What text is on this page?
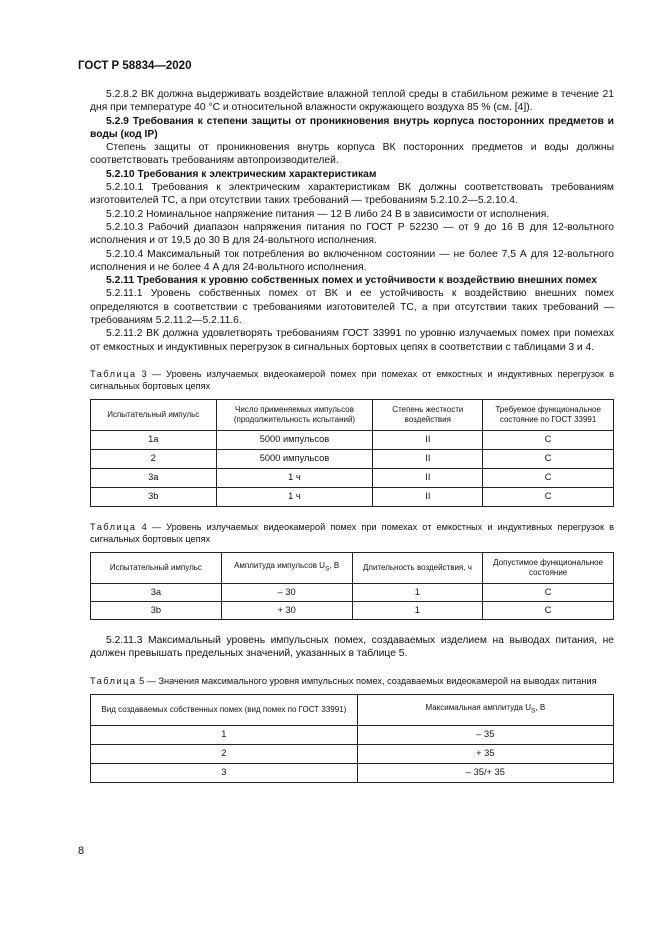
ГОСТ Р 58834—2020

5.2.8.2 ВК должна выдерживать воздействие влажной теплой среды в стабильном режиме в течение 21 дня при температуре 40 °С и относительной влажности окружающего воздуха 85 % (см. [4]).

5.2.9 Требования к степени защиты от проникновения внутрь корпуса посторонних предметов и воды (код IP)

Степень защиты от проникновения внутрь корпуса ВК посторонних предметов и воды должны соответствовать требованиям автопроизводителей.

5.2.10 Требования к электрическим характеристикам

5.2.10.1 Требования к электрическим характеристикам ВК должны соответствовать требованиям изготовителей ТС, а при отсутствии таких требований — требованиям 5.2.10.2—5.2.10.4.

5.2.10.2 Номинальное напряжение питания — 12 В либо 24 В в зависимости от исполнения.

5.2.10.3 Рабочий диапазон напряжения питания по ГОСТ Р 52230 — от 9 до 16 В для 12-вольтного исполнения и от 19,5 до 30 В для 24-вольтного исполнения.

5.2.10.4 Максимальный ток потребления во включенном состоянии — не более 7,5 А для 12-вольтного исполнения и не более 4 А для 24-вольтного исполнения.

5.2.11 Требования к уровню собственных помех и устойчивости к воздействию внешних помех

5.2.11.1 Уровень собственных помех от ВК и ее устойчивость к воздействию внешних помех определяются в соответствии с требованиями изготовителей ТС, а при отсутствии таких требований — требованиям 5.2.11.2—5.2.11.6.

5.2.11.2 ВК должна удовлетворять требованиям ГОСТ 33991 по уровню излучаемых помех при помехах от емкостных и индуктивных перегрузок в сигнальных бортовых цепях в соответствии с таблицами 3 и 4.

Таблица 3 — Уровень излучаемых видеокамерой помех при помехах от емкостных и индуктивных перегрузок в сигнальных бортовых цепях
Испытательный импульс	Число применяемых импульсов (продолжительность испытаний)	Степень жесткости воздействия	Требуемое функциональное состояние по ГОСТ 33991
1а	5000 импульсов	II	С
2	5000 импульсов	II	С
3а	1 ч	II	С
3b	1 ч	II	С
Таблица 4 — Уровень излучаемых видеокамерой помех при помехах от емкостных и индуктивных перегрузок в сигнальных бортовых цепях
Испытательный импульс	Амплитуда импульсов $U_S$, В	Длительность воздействия, ч	Допустимое функциональное состояние
3а	– 30	1	С
3b	+ 30	1	С

5.2.11.3 Максимальный уровень импульсных помех, создаваемых изделием на выводах питания, не должен превышать предельных значений, указанных в таблице 5.

Таблица 5 — Значения максимального уровня импульсных помех, создаваемых видеокамерой на выводах питания
Вид создаваемых собственных помех (вид помех по ГОСТ 33991)	Максимальная амплитуда $U_S$, В
1	– 35
2	+ 35
3	– 35/+ 35
8
